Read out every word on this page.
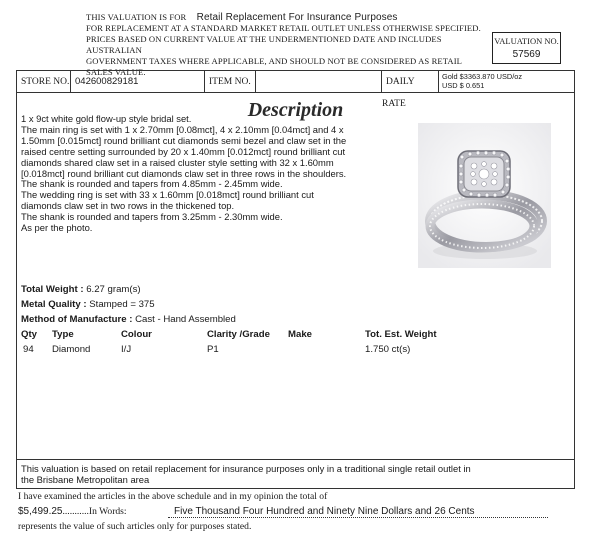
THIS VALUATION IS FOR Retail Replacement For Insurance Purposes
FOR REPLACEMENT AT A STANDARD MARKET RETAIL OUTLET UNLESS OTHERWISE SPECIFIED.
PRICES BASED ON CURRENT VALUE AT THE UNDERMENTIONED DATE AND INCLUDES AUSTRALIAN
GOVERNMENT TAXES WHERE APPLICABLE, AND SHOULD NOT BE CONSIDERED AS RETAIL SALES VALUE.
VALUATION NO.
57569
STORE NO. 042600829181	ITEM NO.	DAILY RATE
Gold $3363.870 USD/oz
USD $ 0.651
Description
1 x 9ct white gold flow-up style bridal set.
The main ring is set with 1 x 2.70mm [0.08mct], 4 x 2.10mm [0.04mct] and 4 x
1.50mm [0.015mct] round brilliant cut diamonds semi bezel and claw set in the
raised centre setting surrounded by 20 x 1.40mm [0.012mct] round brilliant cut
diamonds shared claw set in a raised cluster style setting with 32 x 1.60mm
[0.018mct] round brilliant cut diamonds claw set in three rows in the shoulders.
The shank is rounded and tapers from 4.85mm - 2.45mm wide.
The wedding ring is set with 33 x 1.60mm [0.018mct] round brilliant cut
diamonds claw set in two rows in the thickened top.
The shank is rounded and tapers from 3.25mm - 2.30mm wide.
As per the photo.
Total Weight : 6.27 gram(s)
Metal Quality : Stamped = 375
Method of Manufacture : Cast - Hand Assembled
Qty Type	Colour	Clarity /Grade Make	Tot. Est. Weight
94 Diamond	I/J	P1	1.750 ct(s)
This valuation is based on retail replacement for insurance purposes only in a traditional single retail outlet in
the Brisbane Metropolitan area
I have examined the articles in the above schedule and in my opinion the total of
$5,499.25...........In Words:	Five Thousand Four Hundred and Ninety Nine Dollars and 26 Cents
represents the value of such articles only for purposes stated.
